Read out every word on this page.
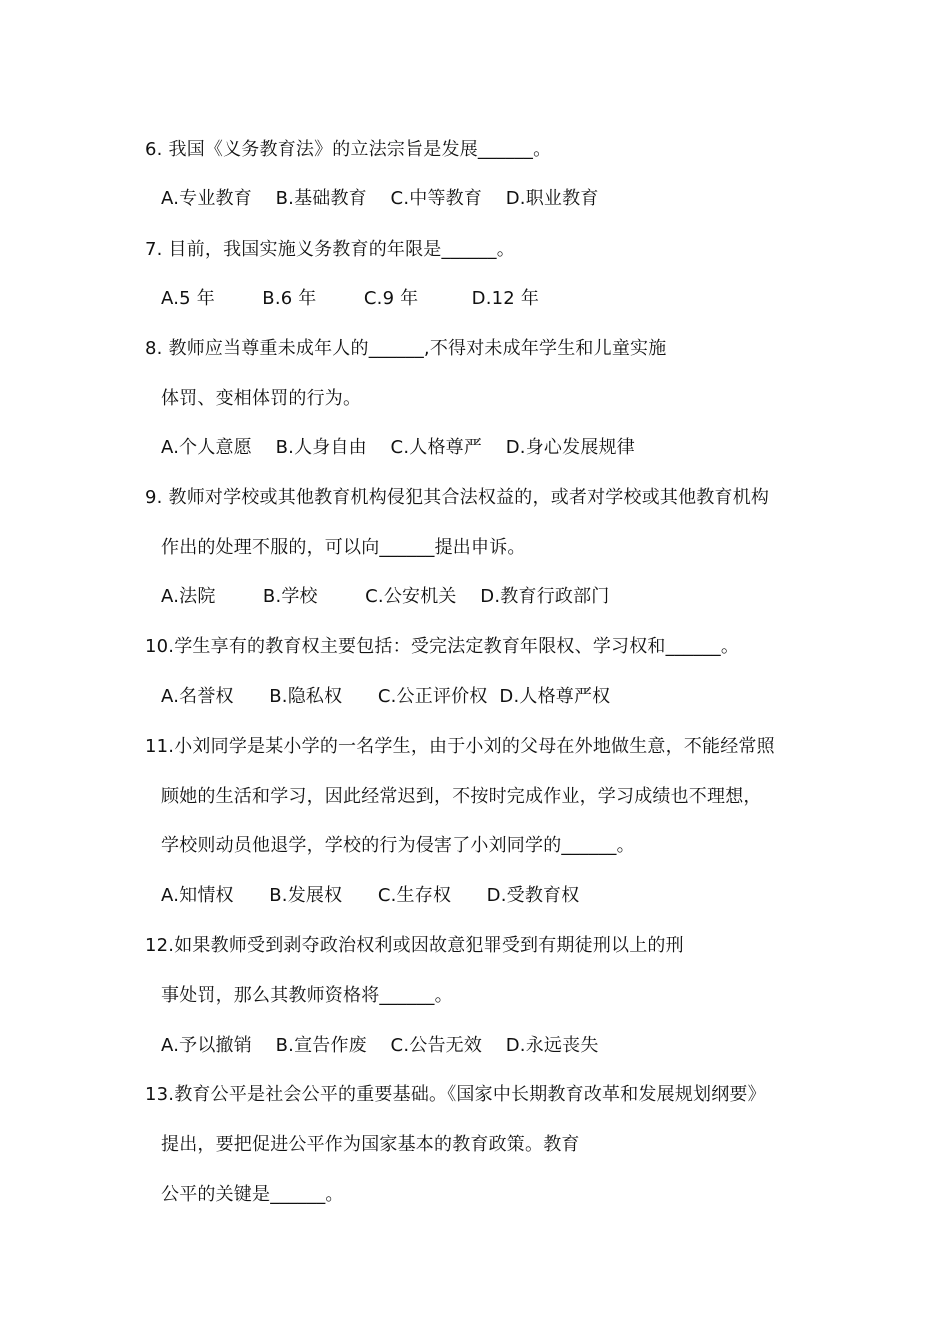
6. 我国《义务教育法》的立法宗旨是发展______。
A.专业教育    B.基础教育    C.中等教育    D.职业教育
7. 目前，我国实施义务教育的年限是______。
A.5 年        B.6 年        C.9 年         D.12 年
8. 教师应当尊重未成年人的______,不得对未成年学生和儿童实施
体罚、变相体罚的行为。
A.个人意愿    B.人身自由    C.人格尊严    D.身心发展规律
9. 教师对学校或其他教育机构侵犯其合法权益的，或者对学校或其他教育机构
作出的处理不服的，可以向______提出申诉。
A.法院        B.学校        C.公安机关    D.教育行政部门
10.学生享有的教育权主要包括：受完法定教育年限权、学习权和______。
A.名誉权      B.隐私权      C.公正评价权  D.人格尊严权
11.小刘同学是某小学的一名学生，由于小刘的父母在外地做生意，不能经常照
顾她的生活和学习，因此经常迟到，不按时完成作业，学习成绩也不理想，
学校则动员他退学，学校的行为侵害了小刘同学的______。
A.知情权      B.发展权      C.生存权      D.受教育权
12.如果教师受到剥夺政治权利或因故意犯罪受到有期徒刑以上的刑
事处罚，那么其教师资格将______。
A.予以撤销    B.宣告作废    C.公告无效    D.永远丧失
13.教育公平是社会公平的重要基础。《国家中长期教育改革和发展规划纲要》
提出，要把促进公平作为国家基本的教育政策。教育
公平的关键是______。
